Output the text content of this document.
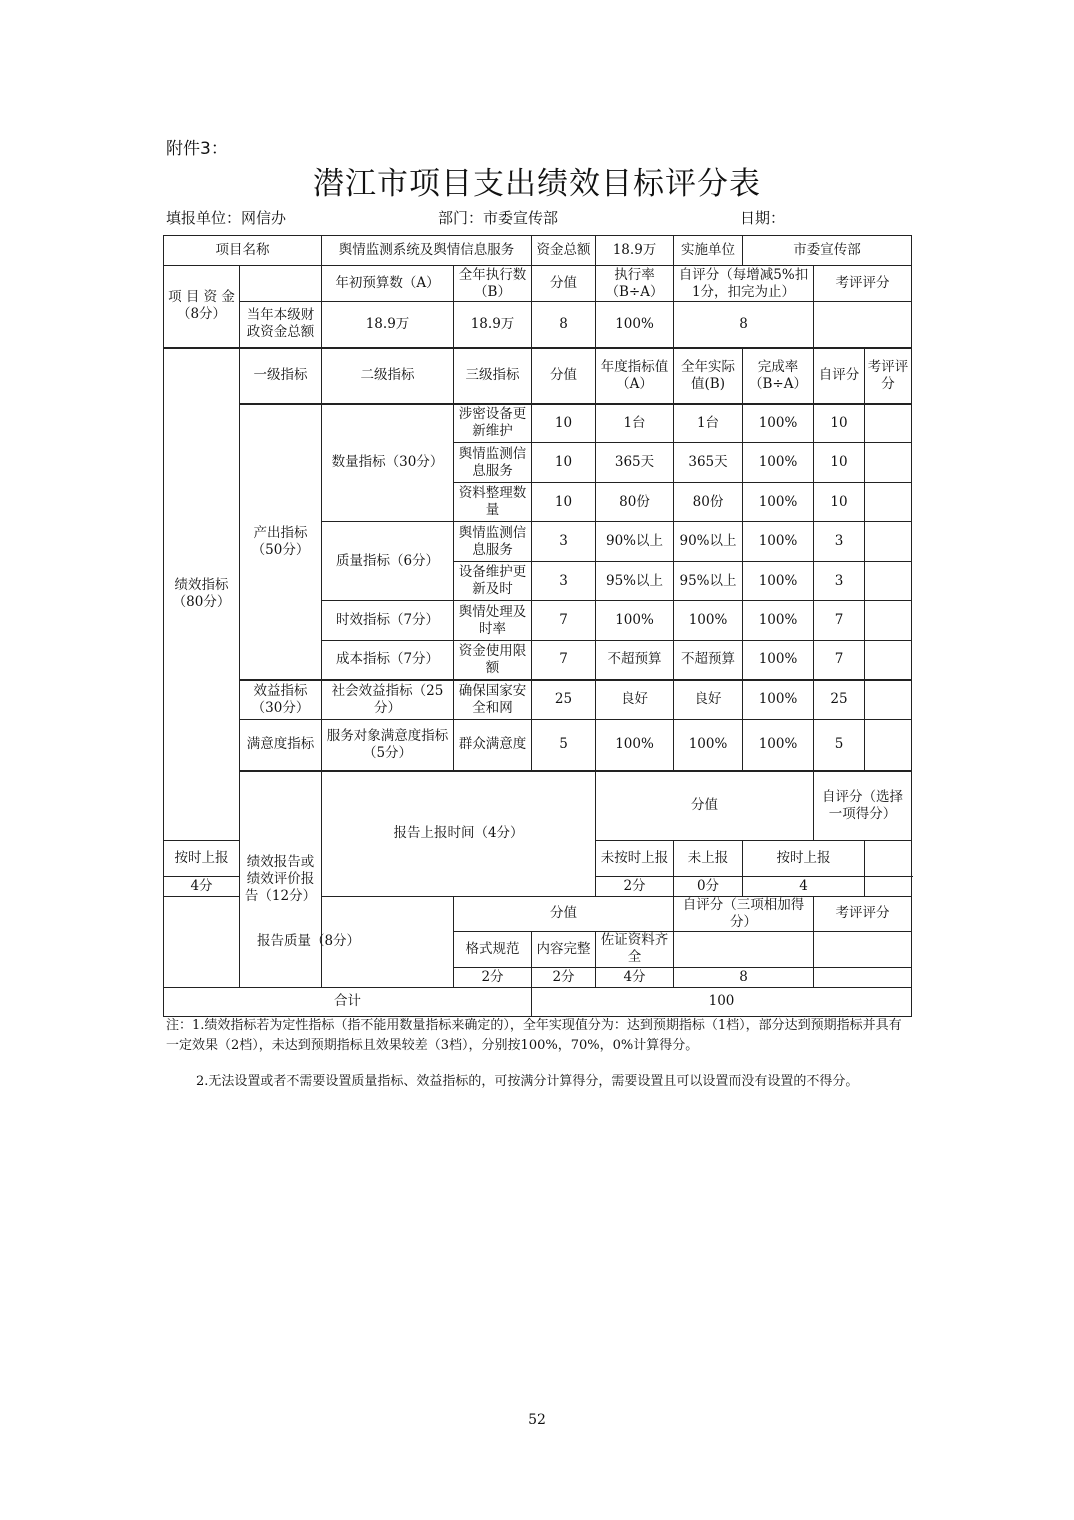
附件3：
潜江市项目支出绩效目标评分表
填报单位：网信办	部门：市委宣传部	日期：
项目名称		舆情监测系统及舆情信息服务		资金总额	18.9万	实施单位	市委宣传部			
项 目 资 金（8分）		年初预算数（A）	全年执行数（B）	分值	执行率（B÷A）	自评分（每增减5%扣1分，扣完为止）		考评评分		
	当年本级财政资金总额	18.9万	18.9万	8	100%	8				
绩效指标（80分）	一级指标	二级指标	三级指标	分值	年度指标值（A）	全年实际值(B)	完成率（B÷A）	自评分	考评评分	
	产出指标（50分）	数量指标（30分）	涉密设备更新维护	10	1台	1台	100%	10		
			舆情监测信息服务	10	365天	365天	100%	10		
			资料整理数量	10	80份	80份	100%	10		
		质量指标（6分）	舆情监测信息服务	3	90%以上	90%以上	100%	3		
			设备维护更新及时	3	95%以上	95%以上	100%	3		
		时效指标（7分）	舆情处理及时率	7	100%	100%	100%	7		
		成本指标（7分）	资金使用限额	7	不超预算	不超预算	100%	7		
	效益指标（30分）	社会效益指标（25分）	确保国家安全和网	25	良好	良好	100%	25		
	满意度指标	服务对象满意度指标（5分）	群众满意度	5	100%	100%	100%	5		
	绩效报告或绩效评价报告（12分）	报告上报时间（4分）			分值			自评分（选择一项得分）		
按时上报					未按时上报	未上报	按时上报			
4分					2分	0分	4			
报告质量（8分）			分值			自评分（三项相加得分）		考评评分		
			格式规范	内容完整	佐证资料齐全					
			2分	2分	4分	8				
合计				100						
注：1.绩效指标若为定性指标（指不能用数量指标来确定的），全年实现值分为：达到预期指标（1档），部分达到预期指标并具有一定效果（2档），未达到预期指标且效果较差（3档），分别按100%，70%，0%计算得分。
2.无法设置或者不需要设置质量指标、效益指标的，可按满分计算得分，需要设置且可以设置而没有设置的不得分。
52
